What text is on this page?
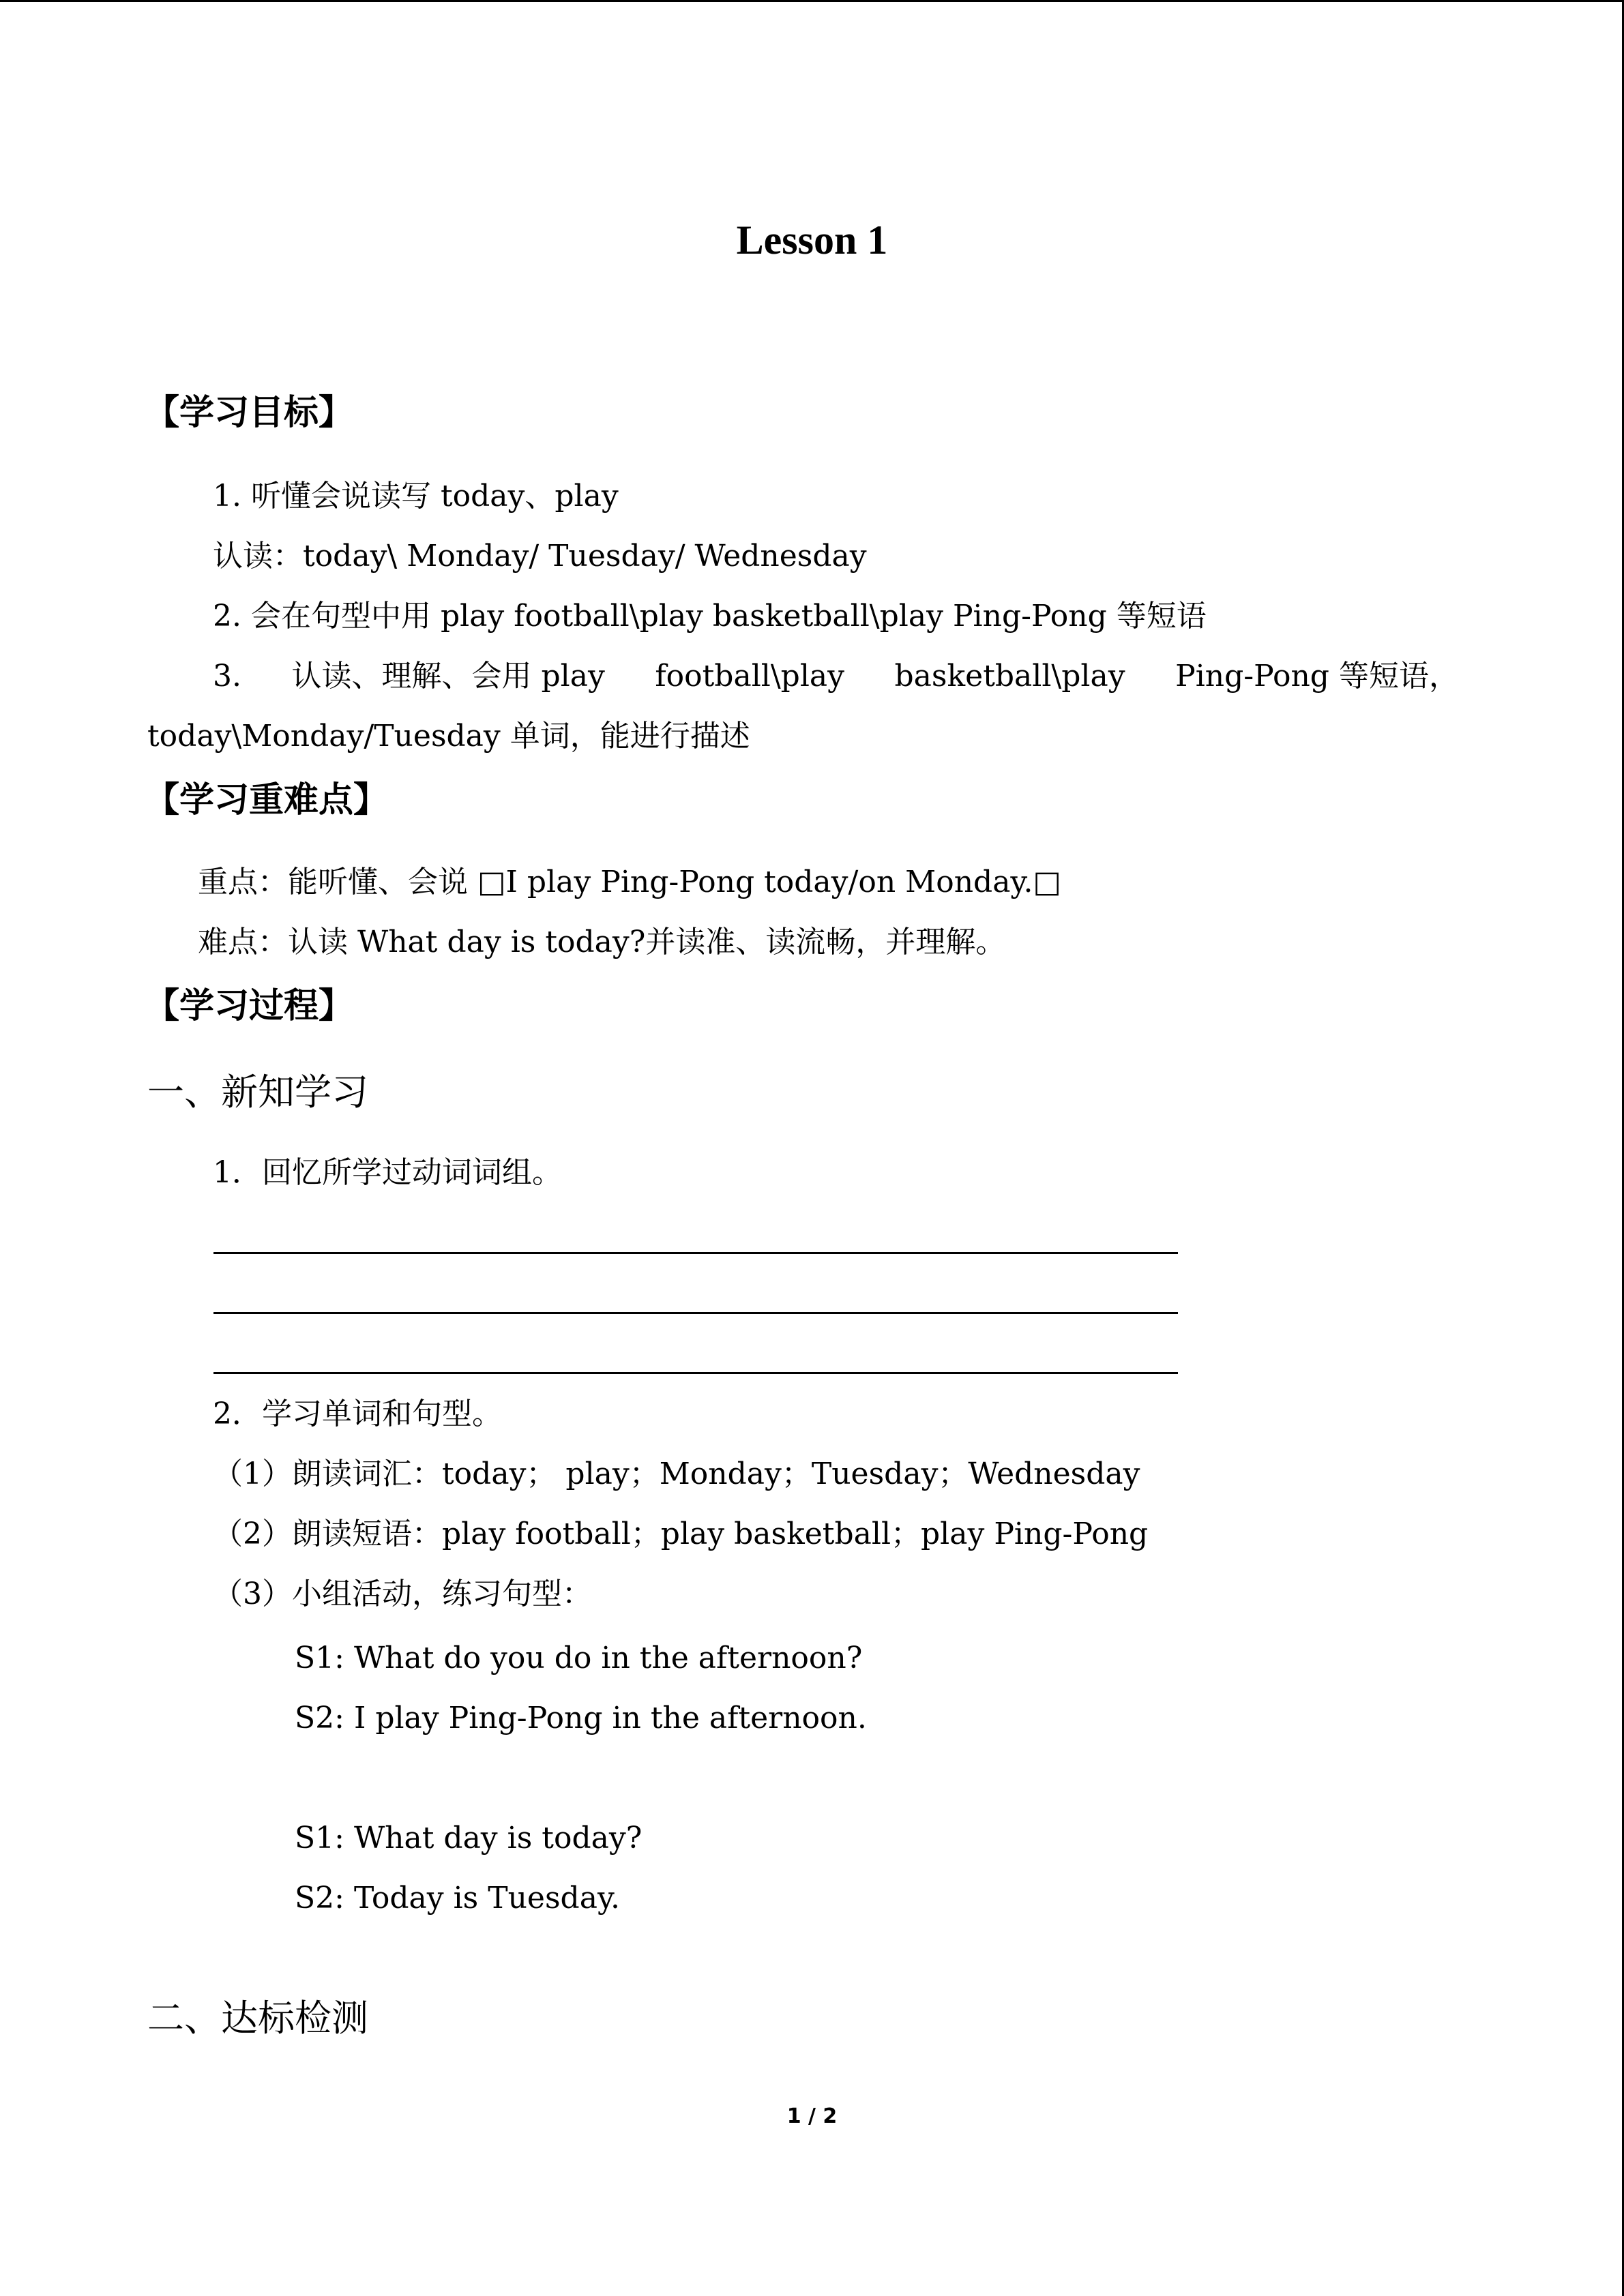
Lesson 1
【学习目标】
1. 听懂会说读写 today、play
认读：today\ Monday/ Tuesday/ Wednesday
2. 会在句型中用 play football\play basketball\play Ping-Pong 等短语
3. 认读、理解、会用 play football\play basketball\play Ping-Pong 等短语，
today\Monday/Tuesday 单词，能进行描述
【学习重难点】
重点：能听懂、会说 □I play Ping-Pong today/on Monday.□
难点：认读 What day is today?并读准、读流畅，并理解。
【学习过程】
一、新知学习
1．回忆所学过动词词组。
2．学习单词和句型。
（1）朗读词汇：today； play；Monday；Tuesday；Wednesday
（2）朗读短语：play football；play basketball；play Ping-Pong
（3）小组活动，练习句型：
S1: What do you do in the afternoon?
S2: I play Ping-Pong in the afternoon.
S1: What day is today?
S2: Today is Tuesday.
二、达标检测
1 / 2
